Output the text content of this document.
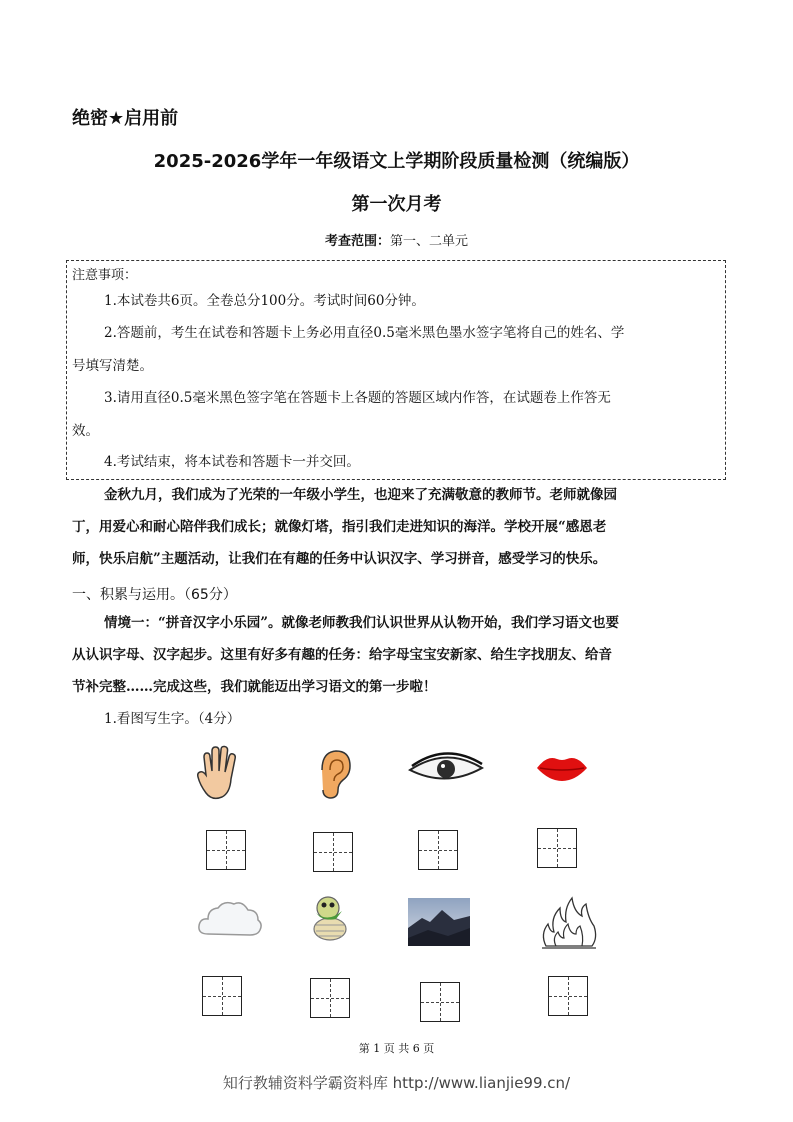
绝密★启用前
2025-2026学年一年级语文上学期阶段质量检测（统编版）
第一次月考
考查范围：第一、二单元
注意事项：
1.本试卷共6页。全卷总分100分。考试时间60分钟。
2.答题前，考生在试卷和答题卡上务必用直径0.5毫米黑色墨水签字笔将自己的姓名、学
号填写清楚。
3.请用直径0.5毫米黑色签字笔在答题卡上各题的答题区域内作答，在试题卷上作答无
效。
4.考试结束，将本试卷和答题卡一并交回。
金秋九月，我们成为了光荣的一年级小学生，也迎来了充满敬意的教师节。老师就像园
丁，用爱心和耐心陪伴我们成长；就像灯塔，指引我们走进知识的海洋。学校开展“感恩老
师，快乐启航”主题活动，让我们在有趣的任务中认识汉字、学习拼音，感受学习的快乐。
一、积累与运用。（65分）
情境一：“拼音汉字小乐园”。就像老师教我们认识世界从认物开始，我们学习语文也要
从认识字母、汉字起步。这里有好多有趣的任务：给字母宝宝安新家、给生字找朋友、给音
节补完整……完成这些，我们就能迈出学习语文的第一步啦！
1.看图写生字。（4分）
第 1 页 共 6 页
知行教辅资料学霸资料库 http://www.lianjie99.cn/
